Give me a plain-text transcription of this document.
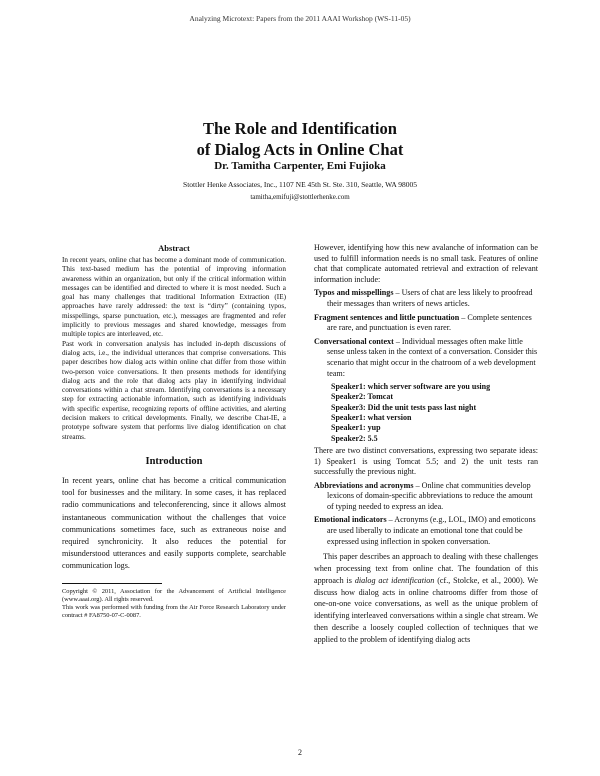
Analyzing Microtext: Papers from the 2011 AAAI Workshop (WS-11-05)
The Role and Identification
of Dialog Acts in Online Chat
Dr. Tamitha Carpenter, Emi Fujioka
Stottler Henke Associates, Inc., 1107 NE 45th St. Ste. 310, Seattle, WA 98005
tamitha,emifuji@stottlerhenke.com
Abstract

In recent years, online chat has become a dominant mode of communication. This text-based medium has the potential of improving information awareness within an organization, but only if the critical information within messages can be identified and directed to where it is most needed. Such a goal has many challenges that traditional Information Extraction (IE) approaches have rarely addressed: the text is “dirty” (containing typos, misspellings, sparse punctuation, etc.), messages are fragmented and refer implicitly to previous messages and shared knowledge, messages from multiple topics are interleaved, etc.

Past work in conversation analysis has included in-depth discussions of dialog acts, i.e., the individual utterances that comprise conversations. This paper describes how dialog acts within online chat differ from those within two-person voice conversations. It then presents methods for identifying dialog acts and the role that dialog acts play in identifying individual conversations within a chat stream. Identifying conversations is a necessary step for extracting actionable information, such as identifying individuals with specific expertise, recognizing reports of offline activities, and alerting decision makers to critical developments. Finally, we describe Chat-IE, a prototype software system that performs live dialog identification on chat streams.

Introduction

In recent years, online chat has become a critical communication tool for businesses and the military. In some cases, it has replaced radio communications and teleconferencing, since it allows almost instantaneous communication without the challenges that voice communications sometimes face, such as extraneous noise and required synchronicity. It also reduces the potential for misunderstood utterances and easily supports complete, searchable communication logs.

Copyright © 2011, Association for the Advancement of Artificial Intelligence (www.aaai.org). All rights reserved.

This work was performed with funding from the Air Force Research Laboratory under contract # FA8750-07-C-0087.

However, identifying how this new avalanche of information can be used to fulfill information needs is no small task. Features of online chat that complicate automated retrieval and extraction of relevant information include:

Typos and misspellings – Users of chat are less likely to proofread their messages than writers of news articles.

Fragment sentences and little punctuation – Complete sentences are rare, and punctuation is even rarer.

Conversational context – Individual messages often make little sense unless taken in the context of a conversation. Consider this scenario that might occur in the chatroom of a web development team:

Speaker1: which server software are you using
Speaker2: Tomcat
Speaker3: Did the unit tests pass last night
Speaker1: what version
Speaker1: yup
Speaker2: 5.5

There are two distinct conversations, expressing two separate ideas: 1) Speaker1 is using Tomcat 5.5; and 2) the unit tests ran successfully the previous night.

Abbreviations and acronyms – Online chat communities develop lexicons of domain-specific abbreviations to reduce the amount of typing needed to express an idea.

Emotional indicators – Acronyms (e.g., LOL, IMO) and emoticons are used liberally to indicate an emotional tone that could be expressed using inflection in spoken conversation.

This paper describes an approach to dealing with these challenges when processing text from online chat. The foundation of this approach is dialog act identification (cf., Stolcke, et al., 2000). We discuss how dialog acts in online chatrooms differ from those of one-on-one voice conversations, as well as the unique problem of identifying interleaved conversations within a single chat stream. We then describe a loosely coupled collection of techniques that we applied to the problem of identifying dialog acts

2
